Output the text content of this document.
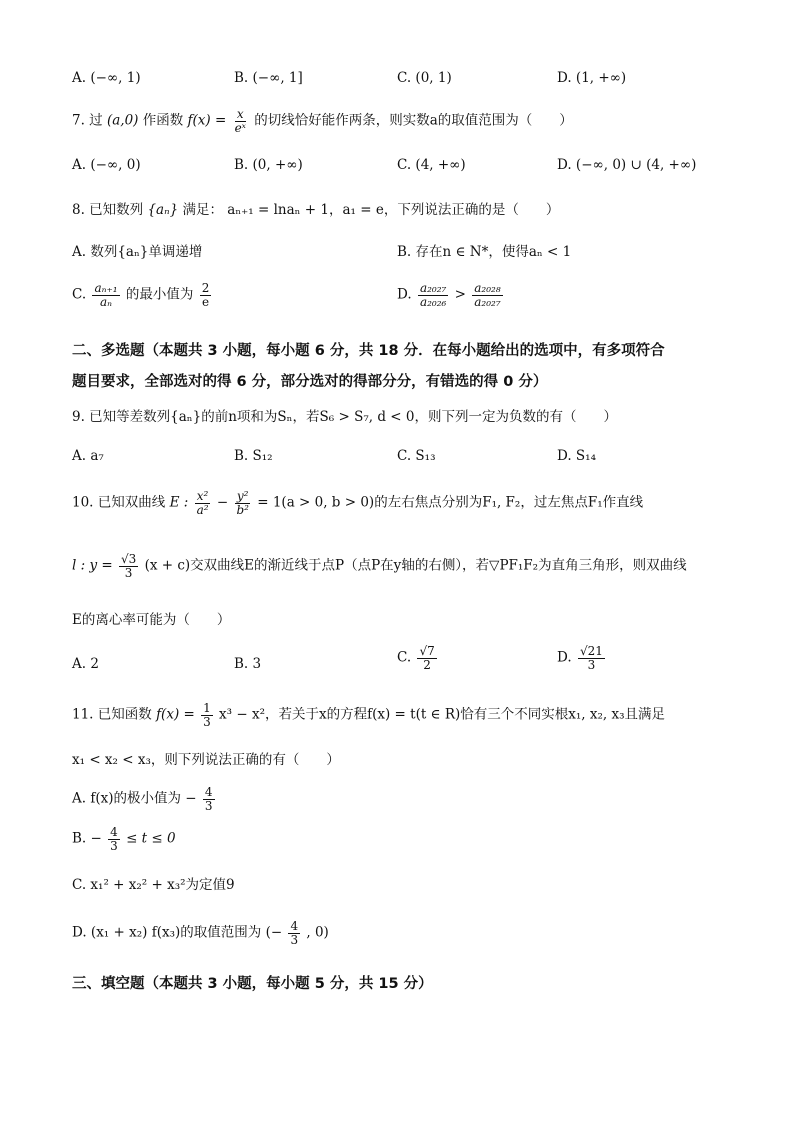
A. (−∞, 1)	B. (−∞, 1]	C. (0, 1)	D. (1, +∞)
7. 过 (a,0) 作函数 $f(x) = \frac{x}{\text{eˣ}}$ 的切线恰好能作两条，则实数a的取值范围为（　　）
A. (−∞, 0)	B. (0, +∞)	C. (4, +∞)	D. (−∞, 0) ∪ (4, +∞)
8. 已知数列 {aₙ} 满足： aₙ₊₁ = lnaₙ + 1，a₁ = e，下列说法正确的是（　　）
A. 数列{aₙ}单调递增	B. 存在n ∈ N*，使得aₙ < 1
C. $\frac{\text{aₙ₊₁}}{\text{aₙ}}$ 的最小值为 $\frac{2}{e}$	D. $\frac{\text{a₂₀₂₇}}{\text{a₂₀₂₆}} > \frac{\text{a₂₀₂₈}}{\text{a₂₀₂₇}}$
二、多选题（本题共 3 小题，每小题 6 分，共 18 分．在每小题给出的选项中，有多项符合
题目要求，全部选对的得 6 分，部分选对的得部分分，有错选的得 0 分）
9. 已知等差数列{aₙ}的前n项和为Sₙ，若S₆ > S₇, d < 0，则下列一定为负数的有（　　）
A. a₇	B. S₁₂	C. S₁₃	D. S₁₄
10. 已知双曲线 E : $\frac{\text{x²}}{\text{a²}} - \frac{\text{y²}}{\text{b²}} = 1(a > 0$, b > 0)的左右焦点分别为F₁, F₂，过左焦点F₁作直线
l : $y = \frac{√3}{3} (x + c)$交双曲线E的渐近线于点P（点P在y轴的右侧），若▽PF₁F₂为直角三角形，则双曲线
E的离心率可能为（　　）
A. 2	B. 3	C. $\frac{√7}{2}$	D. $\frac{√21}{3}$
11. 已知函数 $f(x) = \frac{1}{3} x^3 - x^2$，若关于x的方程f(x) = t(t ∈ R)恰有三个不同实根x₁, x₂, x₃且满足
x₁ < x₂ < x₃，则下列说法正确的有（　　）
A. f(x)的极小值为 − $\frac{4}{3}$
B. − $\frac{4}{3} \le t \le 0$
C. x₁² + x₂² + x₃²为定值9
D. (x₁ + x₂) f(x₃)的取值范围为 (− $\frac{4}{3}$ , 0)
三、填空题（本题共 3 小题，每小题 5 分，共 15 分）
